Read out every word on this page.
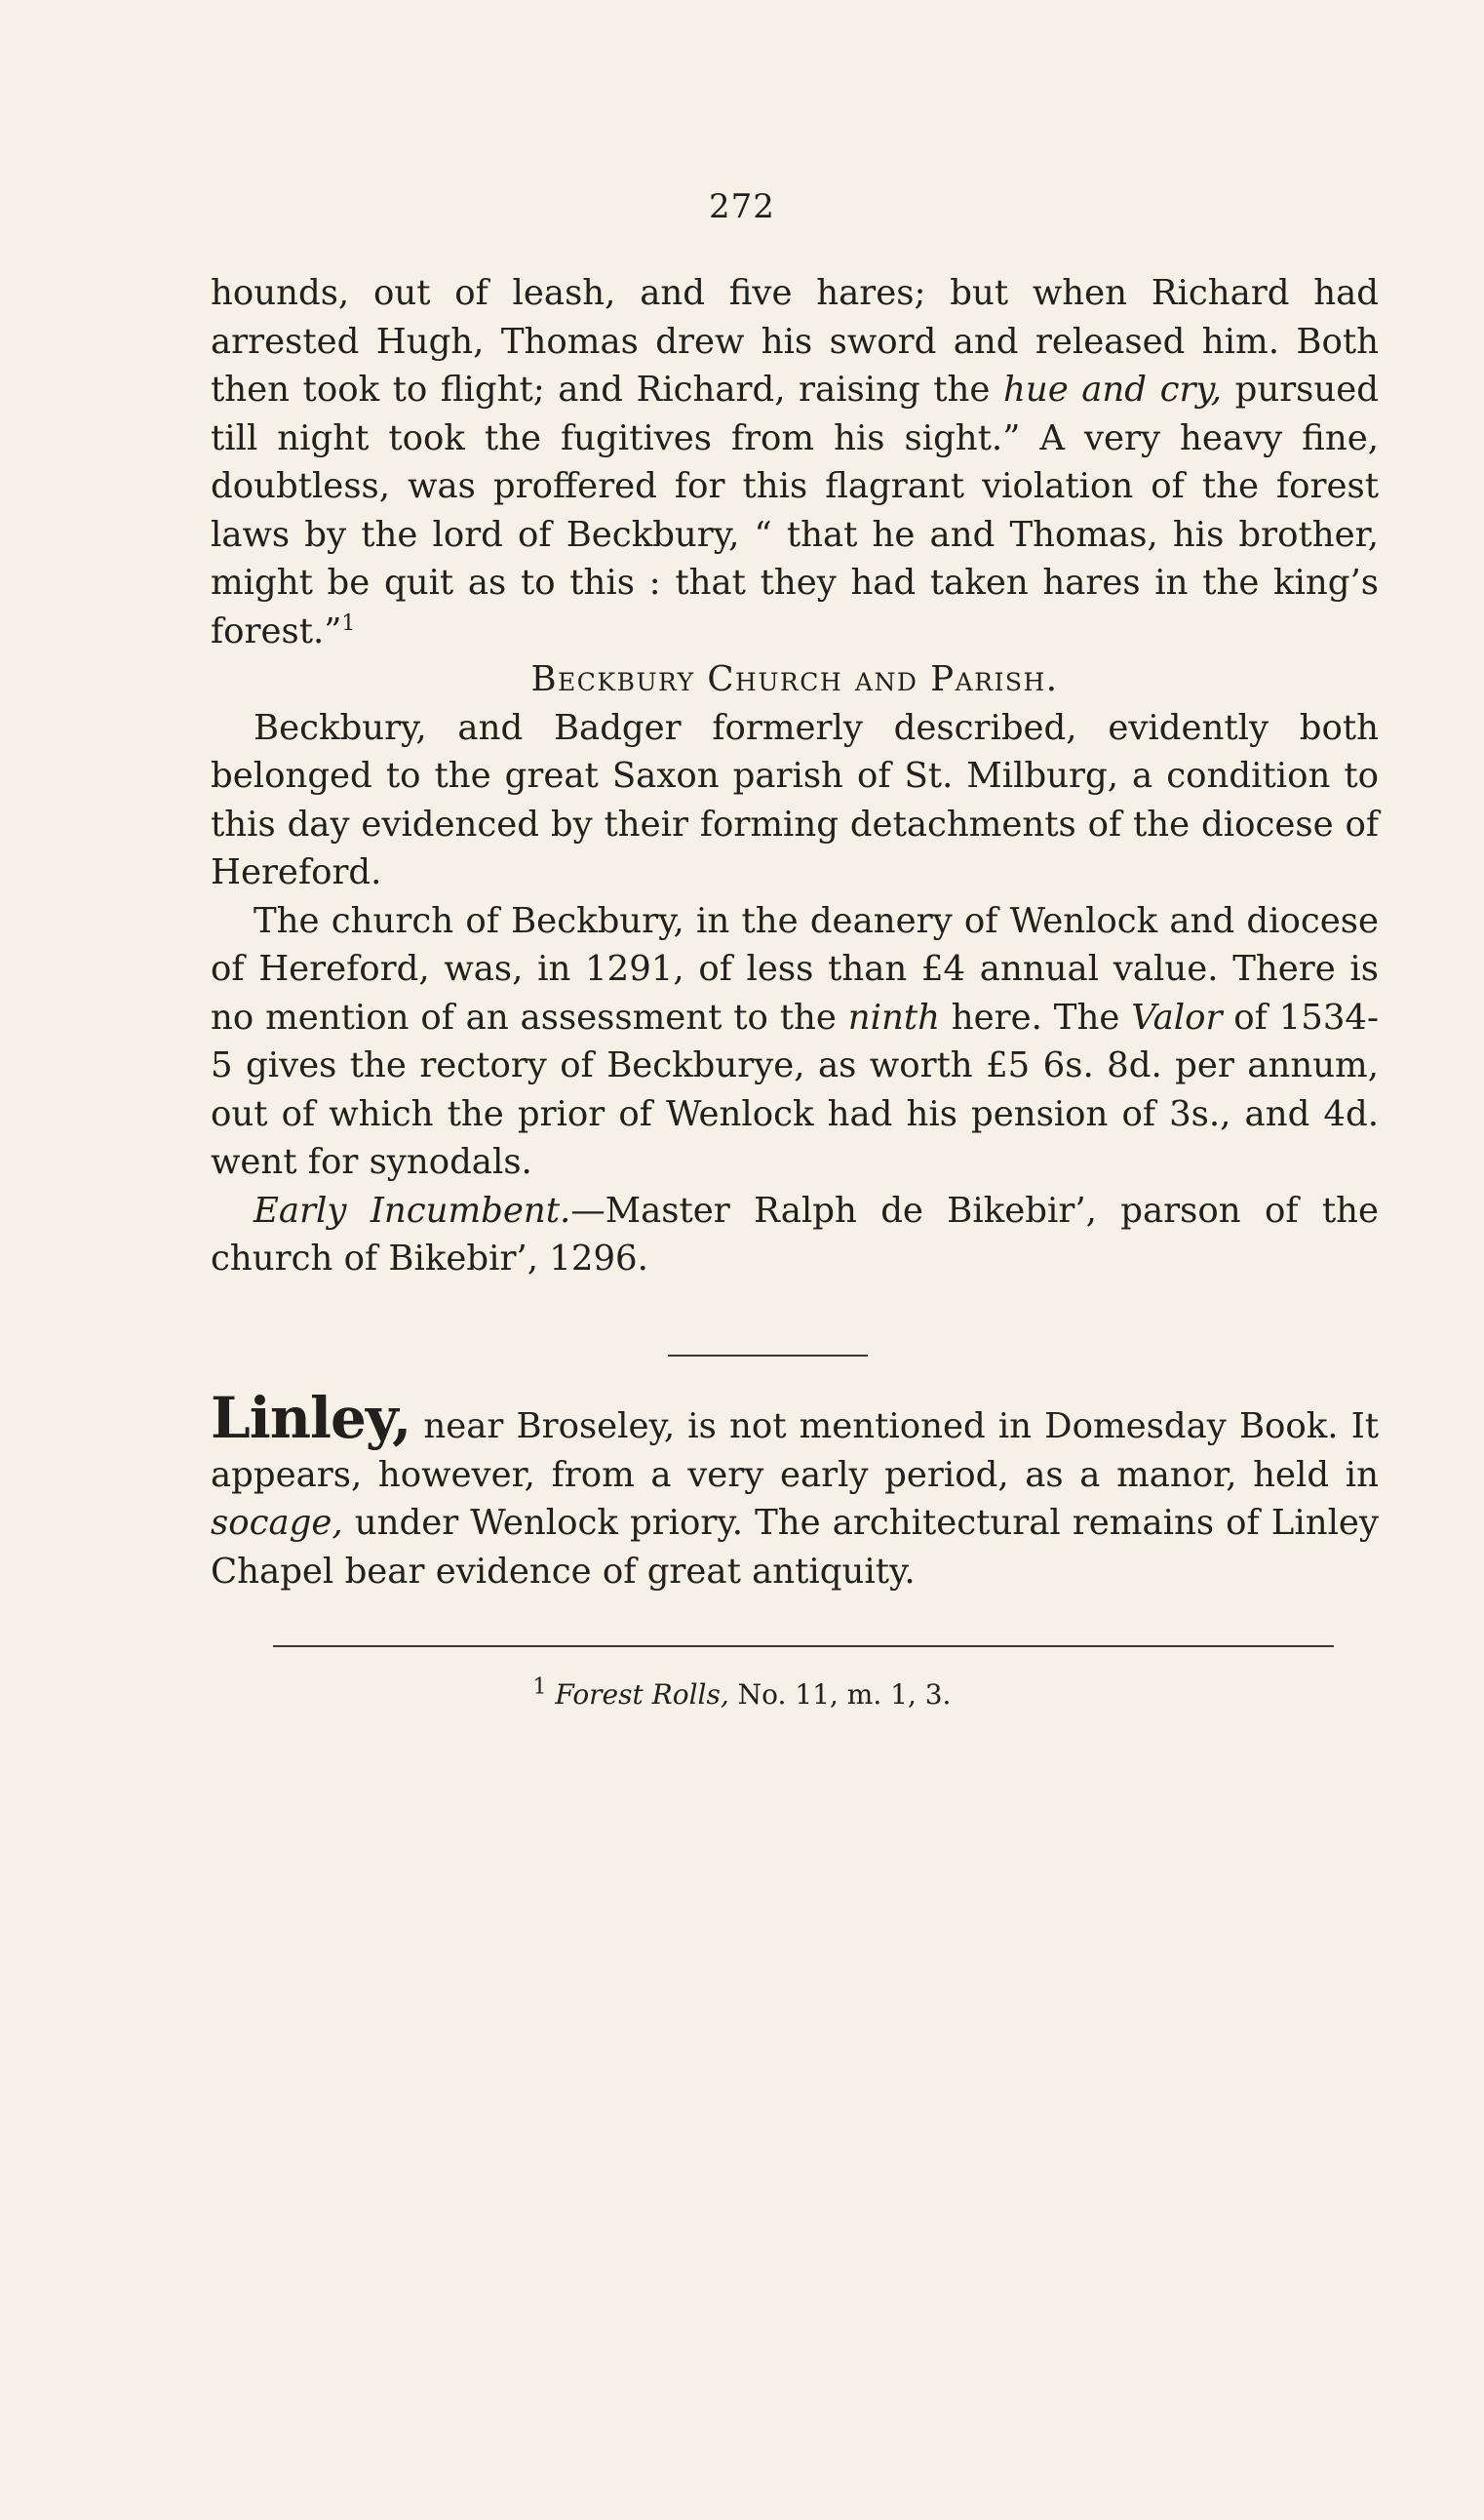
272

hounds, out of leash, and five hares; but when Richard had arrested Hugh, Thomas drew his sword and released him. Both then took to flight; and Richard, raising the hue and cry, pursued till night took the fugitives from his sight.” A very heavy fine, doubtless, was proffered for this flagrant violation of the forest laws by the lord of Beckbury, “ that he and Thomas, his brother, might be quit as to this : that they had taken hares in the king’s forest.”$^1$

Beckbury Church and Parish.

Beckbury, and Badger formerly described, evidently both belonged to the great Saxon parish of St. Milburg, a condition to this day evidenced by their forming detachments of the diocese of Hereford.

The church of Beckbury, in the deanery of Wenlock and diocese of Hereford, was, in 1291, of less than £4 annual value. There is no mention of an assessment to the ninth here. The Valor of 1534-5 gives the rectory of Beckburye, as worth £5 6s. 8d. per annum, out of which the prior of Wenlock had his pension of 3s., and 4d. went for synodals.

Early Incumbent.—Master Ralph de Bikebir’, parson of the church of Bikebir’, 1296.

Linley, near Broseley, is not mentioned in Domesday Book. It appears, however, from a very early period, as a manor, held in socage, under Wenlock priory. The architectural remains of Linley Chapel bear evidence of great antiquity.

$^1$ Forest Rolls, No. 11, m. 1, 3.
